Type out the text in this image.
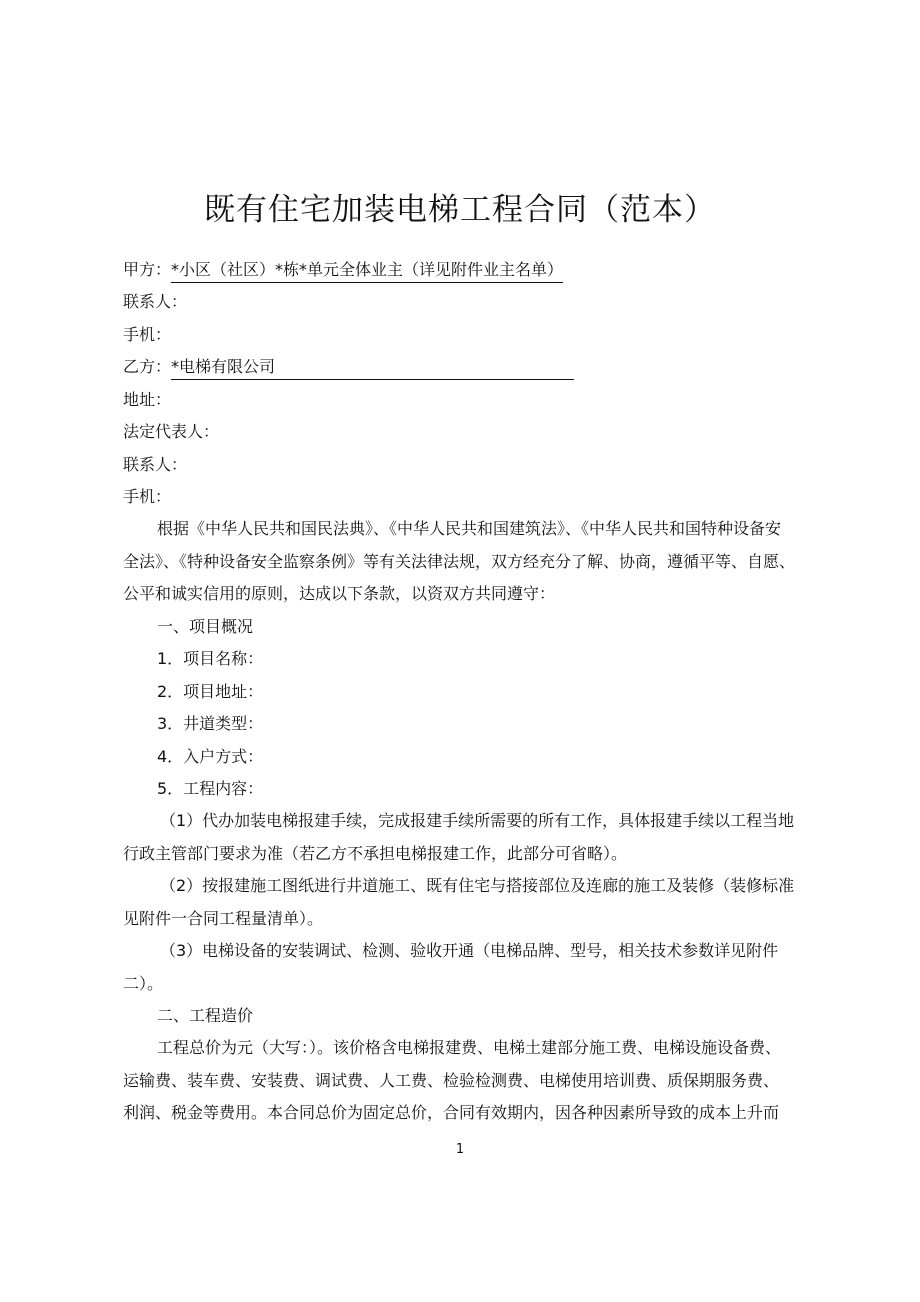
既有住宅加装电梯工程合同（范本）
甲方：*小区（社区）*栋*单元全体业主（详见附件业主名单）
联系人：
手机：
乙方：*电梯有限公司
地址：
法定代表人：
联系人：
手机：
根据《中华人民共和国民法典》、《中华人民共和国建筑法》、《中华人民共和国特种设备安
全法》、《特种设备安全监察条例》等有关法律法规，双方经充分了解、协商，遵循平等、自愿、
公平和诚实信用的原则，达成以下条款，以资双方共同遵守：
一、项目概况
1．项目名称：
2．项目地址：
3．井道类型：
4．入户方式：
5．工程内容：
（1）代办加装电梯报建手续，完成报建手续所需要的所有工作，具体报建手续以工程当地
行政主管部门要求为准（若乙方不承担电梯报建工作，此部分可省略）。
（2）按报建施工图纸进行井道施工、既有住宅与搭接部位及连廊的施工及装修（装修标准
见附件一合同工程量清单）。
（3）电梯设备的安装调试、检测、验收开通（电梯品牌、型号，相关技术参数详见附件
二）。
二、工程造价
工程总价为元（大写：）。该价格含电梯报建费、电梯土建部分施工费、电梯设施设备费、
运输费、装车费、安装费、调试费、人工费、检验检测费、电梯使用培训费、质保期服务费、
利润、税金等费用。本合同总价为固定总价，合同有效期内，因各种因素所导致的成本上升而
1
